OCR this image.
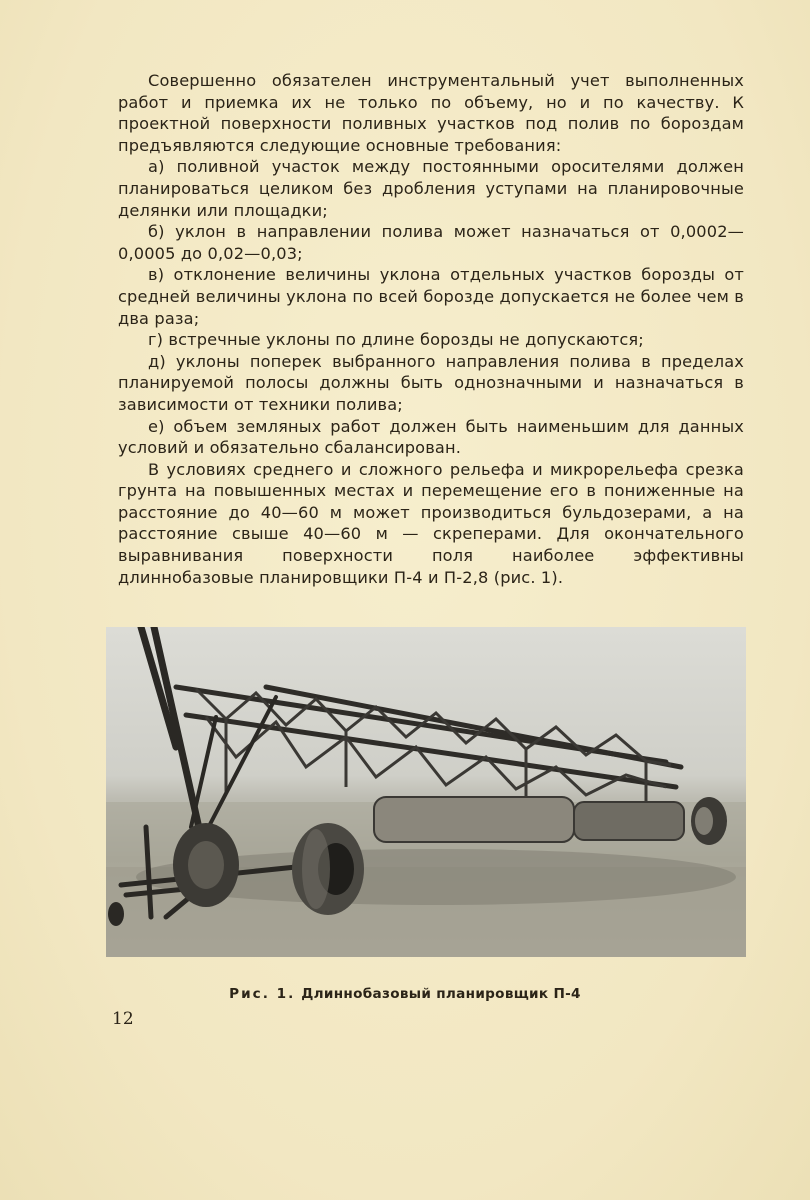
Совершенно обязателен инструментальный учет выполненных работ и приемка их не только по объему, но и по качеству. К проектной поверхности поливных участков под полив по бороздам предъявляются следующие основные требования:

а) поливной участок между постоянными оросителями должен планироваться целиком без дробления уступами на планировочные делянки или площадки;

б) уклон в направлении полива может назначаться от 0,0002—0,0005 до 0,02—0,03;

в) отклонение величины уклона отдельных участков борозды от средней величины уклона по всей борозде допускается не более чем в два раза;

г) встречные уклоны по длине борозды не допускаются;

д) уклоны поперек выбранного направления полива в пределах планируемой полосы должны быть однозначными и назначаться в зависимости от техники полива;

е) объем земляных работ должен быть наименьшим для данных условий и обязательно сбалансирован.

В условиях среднего и сложного рельефа и микрорельефа срезка грунта на повышенных местах и перемещение его в пониженные на расстояние до 40—60 м может производиться бульдозерами, а на расстояние свыше 40—60 м — скреперами. Для окончательного выравнивания поверхности поля наиболее эффективны длиннобазовые планировщики П-4 и П-2,8 (рис. 1).

Рис. 1. Длиннобазовый планировщик П-4
12
